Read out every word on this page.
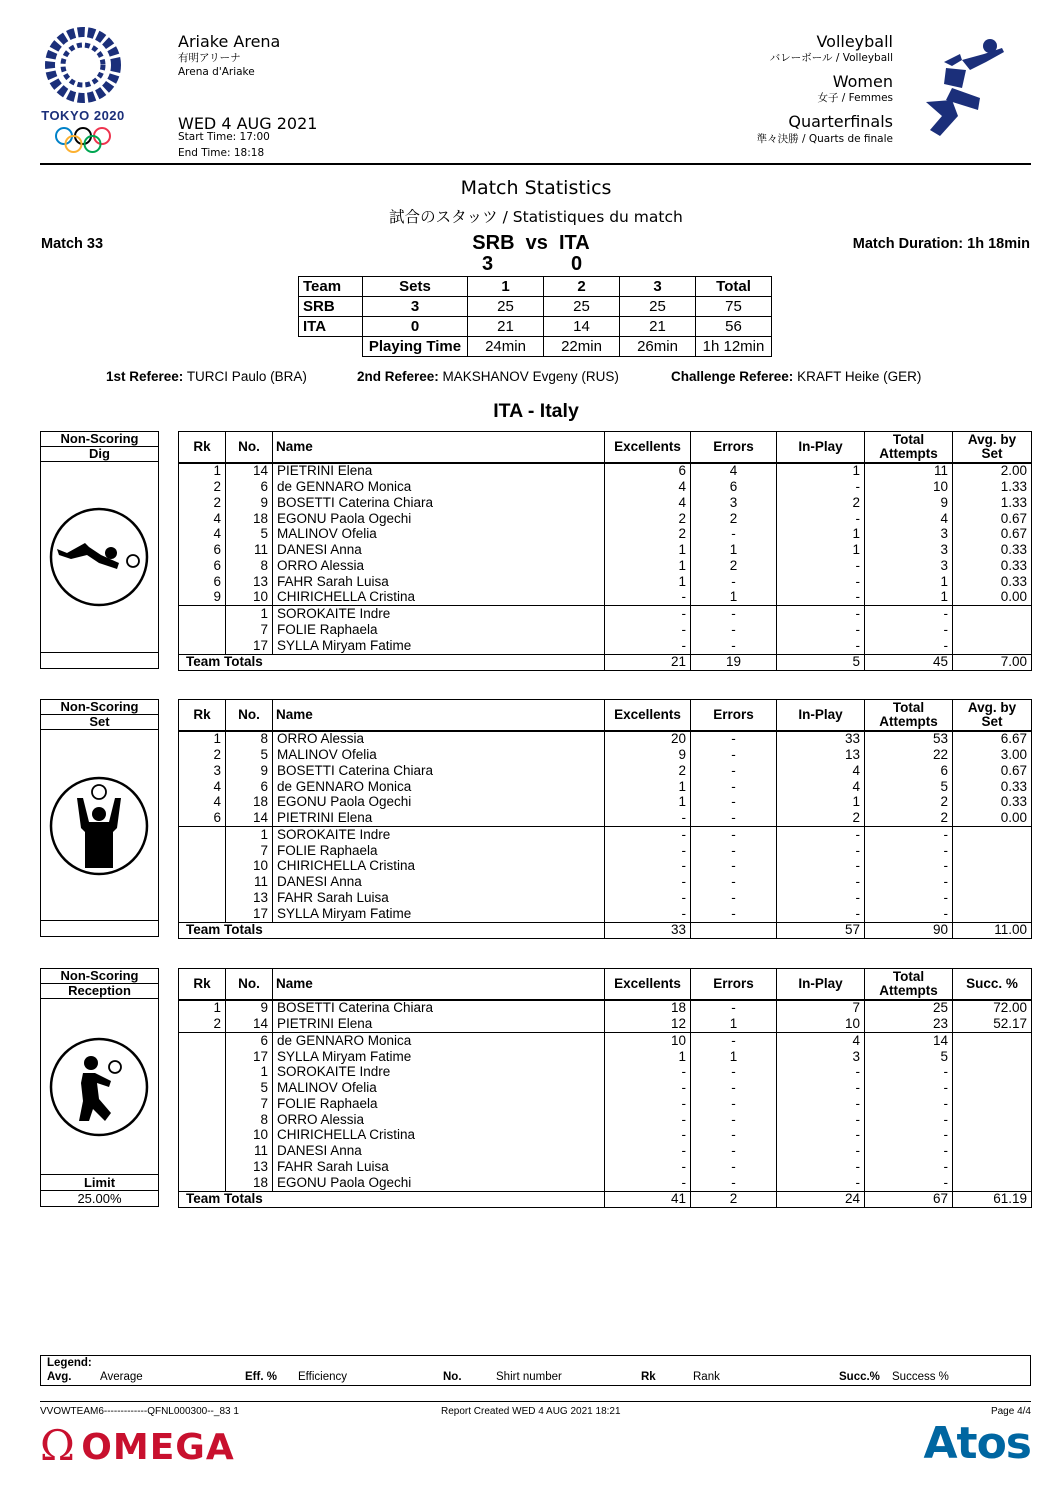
TOKYO 2020
Ariake Arena
有明アリーナ
Arena d'Ariake
WED 4 AUG 2021
Start Time: 17:00
End Time: 18:18
Volleyball
バレーボール / Volleyball
Women
女子 / Femmes
Quarterfinals
準々決勝 / Quarts de finale
Match Statistics
試合のスタッツ / Statistiques du match
Match 33	SRB  vs  ITA
3	0
Match Duration: 1h 18min
Team	Sets	1	2	3	Total
SRB	3	25	25	25	75
ITA	0	21	14	21	56
	Playing Time	24min	22min	26min	1h 12min
1st Referee: TURCI Paulo (BRA)	2nd Referee: MAKSHANOV Evgeny (RUS)	Challenge Referee: KRAFT Heike (GER)
ITA - Italy
Non-Scoring
Dig	Rk	No.	Name	Excellents	Errors	In-Play	Total Attempts	Avg. by Set
1	14	PIETRINI Elena	6	4	1	11	2.00
2	6	de GENNARO Monica	4	6	-	10	1.33
2	9	BOSETTI Caterina Chiara	4	3	2	9	1.33
4	18	EGONU Paola Ogechi	2	2	-	4	0.67
4	5	MALINOV Ofelia	2	-	1	3	0.67
6	11	DANESI Anna	1	1	1	3	0.33
6	8	ORRO Alessia	1	2	-	3	0.33
6	13	FAHR Sarah Luisa	1	-	-	1	0.33
9	10	CHIRICHELLA Cristina	-	1	-	1	0.00
	1	SOROKAITE Indre	-	-	-	-	
	7	FOLIE Raphaela	-	-	-	-	
	17	SYLLA Miryam Fatime	-	-	-	-	
Team Totals			21	19	5	45	7.00
Non-Scoring
Set	Rk	No.	Name	Excellents	Errors	In-Play	Total Attempts	Avg. by Set
1	8	ORRO Alessia	20	-	33	53	6.67
2	5	MALINOV Ofelia	9	-	13	22	3.00
3	9	BOSETTI Caterina Chiara	2	-	4	6	0.67
4	6	de GENNARO Monica	1	-	4	5	0.33
4	18	EGONU Paola Ogechi	1	-	1	2	0.33
6	14	PIETRINI Elena	-	-	2	2	0.00
	1	SOROKAITE Indre	-	-	-	-	
	7	FOLIE Raphaela	-	-	-	-	
	10	CHIRICHELLA Cristina	-	-	-	-	
	11	DANESI Anna	-	-	-	-	
	13	FAHR Sarah Luisa	-	-	-	-	
	17	SYLLA Miryam Fatime	-	-	-	-	
Team Totals			33		57	90	11.00
Non-Scoring
Reception
Limit
25.00%
Rk	No.	Name	Excellents	Errors	In-Play	Total Attempts	Succ. %
1	9	BOSETTI Caterina Chiara	18	-	7	25	72.00
2	14	PIETRINI Elena	12	1	10	23	52.17
	6	de GENNARO Monica	10	-	4	14	
	17	SYLLA Miryam Fatime	1	1	3	5	
	1	SOROKAITE Indre	-	-	-	-	
	5	MALINOV Ofelia	-	-	-	-	
	7	FOLIE Raphaela	-	-	-	-	
	8	ORRO Alessia	-	-	-	-	
	10	CHIRICHELLA Cristina	-	-	-	-	
	11	DANESI Anna	-	-	-	-	
	13	FAHR Sarah Luisa	-	-	-	-	
	18	EGONU Paola Ogechi	-	-	-	-	
Team Totals			41	2	24	67	61.19
Legend:
Avg. Average	Eff. % Efficiency	No.	Shirt number	Rk	Rank	Succ.% Success %
VVOWTEAM6-------------QFNL000300--_83 1	Report Created WED 4 AUG 2021 18:21	Page 4/4
Ω OMEGA	Atos
